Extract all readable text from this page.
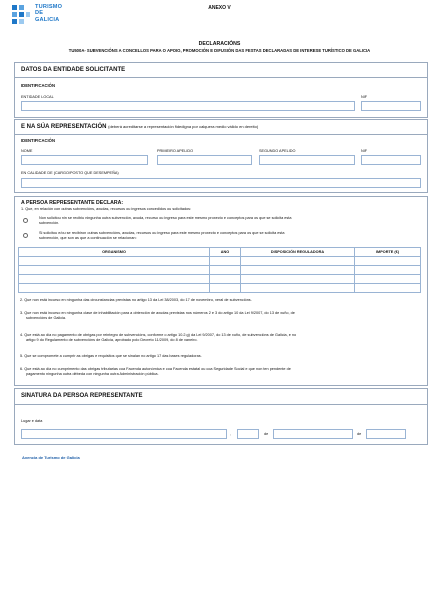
TURISMO
DE
GALICIA
ANEXO V
DECLARACIÓNS
TU500A- SUBVENCIÓNS A CONCELLOS PARA O APOIO, PROMOCIÓN E DIFUSIÓN DAS FESTAS DECLARADAS DE INTERESE TURÍSTICO DE GALICIA
DATOS DA ENTIDADE SOLICITANTE
IDENTIFICACIÓN
ENTIDADE LOCAL	NIF
E NA SÚA REPRESENTACIÓN (deberá acreditarse a representación fidedigna por calquera medio válido en dereito)
IDENTIFICACIÓN
NOME	PRIMEIRO APELIDO	SEGUNDO APELIDO	NIF
EN CALIDADE DE (CARGO/POSTO QUE DESEMPEÑA)
A PERSOA REPRESENTANTE DECLARA:
1. Que, en relación con outras subvencións, axudas, recursos ou ingresos concedidos ou solicitados:
Non solicitou nin se recibiu ningunha outra subvención, axuda, recurso ou ingreso para este mesmo proxecto e conceptos para os que se solicita esta
subvención.
Si solicitou e/ou se recibiron outras subvencións, axudas, recursos ou ingreso para este mesmo proxecto e conceptos para os que se solicita esta
subvención, que son as que a continuación se relacionan:
ORGANISMO	ANO	DISPOSICIÓN REGULADORA	IMPORTE (€)

2. Que non está incurso en ningunha das circunstancias previstas no artigo 13 da Lei 38/2003, do 17 de novembro, xeral de subvencións.
3. Que non está incurso en ningunha clase de inhabilitación para a obtención de axudas previstas nos números 2 e 3 do artigo 10 da Lei 9/2007, do 13 de xuño, de
subvencións de Galicia.
4. Que está ao día no pagamento de obrigas por reintegro de subvencións, conforme o artigo 10.2.g) da Lei 9/2007, do 13 de xuño, de subvencións de Galicia, e no
artigo 9 do Regulamento de subvencións de Galicia, aprobado polo Decreto 11/2009, do 8 de xaneiro.
5. Que se compromete a cumprir as obrigas e requisitos que se sinalan no artigo 17 das bases reguladoras.
6. Que está ao día no cumprimento das obrigas tributarias coa Facenda autonómica e coa Facenda estatal ou coa Seguridade Social e que non ten pendente de
pagamento ningunha outra débeda con ningunha outra Administración pública.
SINATURA DA PERSOA REPRESENTANTE
Lugar e data
,	de	de
Axencia de Turismo de Galicia
